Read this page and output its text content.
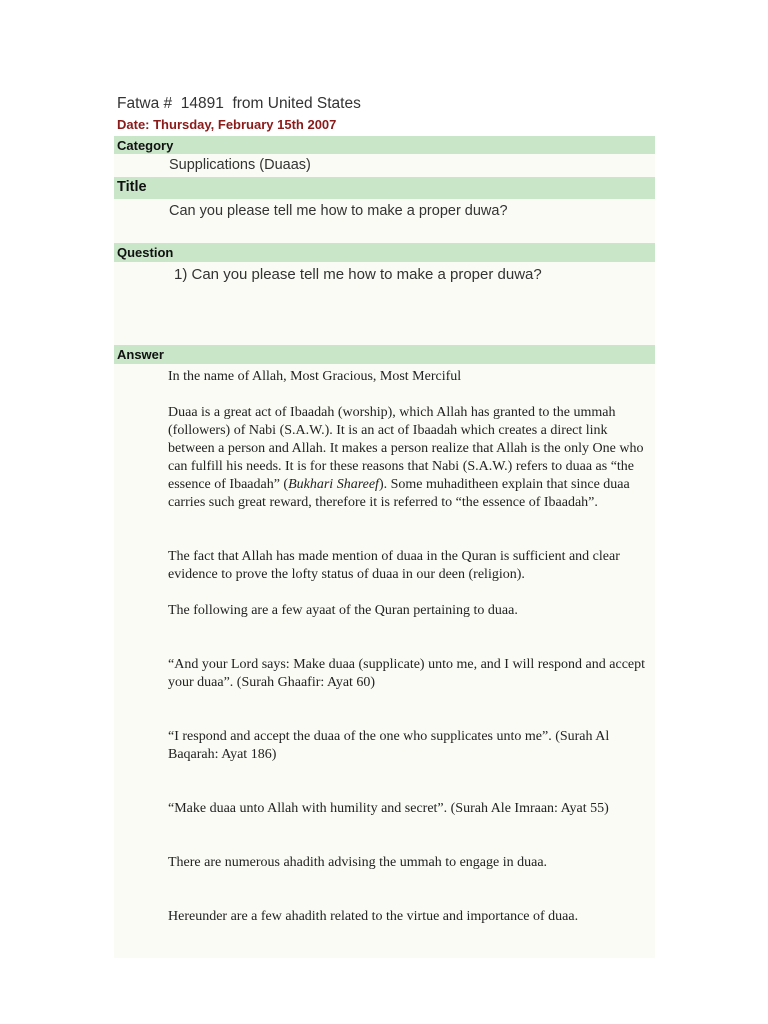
Fatwa #  14891  from United States
Date: Thursday, February 15th 2007
Category
Supplications (Duaas)
Title
Can you please tell me how to make a proper duwa?
Question
1) Can you please tell me how to make a proper duwa?
Answer

In the name of Allah, Most Gracious, Most Merciful

Duaa is a great act of Ibaadah (worship), which Allah has granted to the ummah (followers) of Nabi (S.A.W.). It is an act of Ibaadah which creates a direct link between a person and Allah. It makes a person realize that Allah is the only One who can fulfill his needs. It is for these reasons that Nabi (S.A.W.) refers to duaa as “the essence of Ibaadah” (Bukhari Shareef). Some muhaditheen explain that since duaa carries such great reward, therefore it is referred to “the essence of Ibaadah”.

The fact that Allah has made mention of duaa in the Quran is sufficient and clear evidence to prove the lofty status of duaa in our deen (religion).

The following are a few ayaat of the Quran pertaining to duaa.

“And your Lord says: Make duaa (supplicate) unto me, and I will respond and accept your duaa”. (Surah Ghaafir: Ayat 60)

“I respond and accept the duaa of the one who supplicates unto me”. (Surah Al Baqarah: Ayat 186)

“Make duaa unto Allah with humility and secret”. (Surah Ale Imraan: Ayat 55)

There are numerous ahadith advising the ummah to engage in duaa.

Hereunder are a few ahadith related to the virtue and importance of duaa.
